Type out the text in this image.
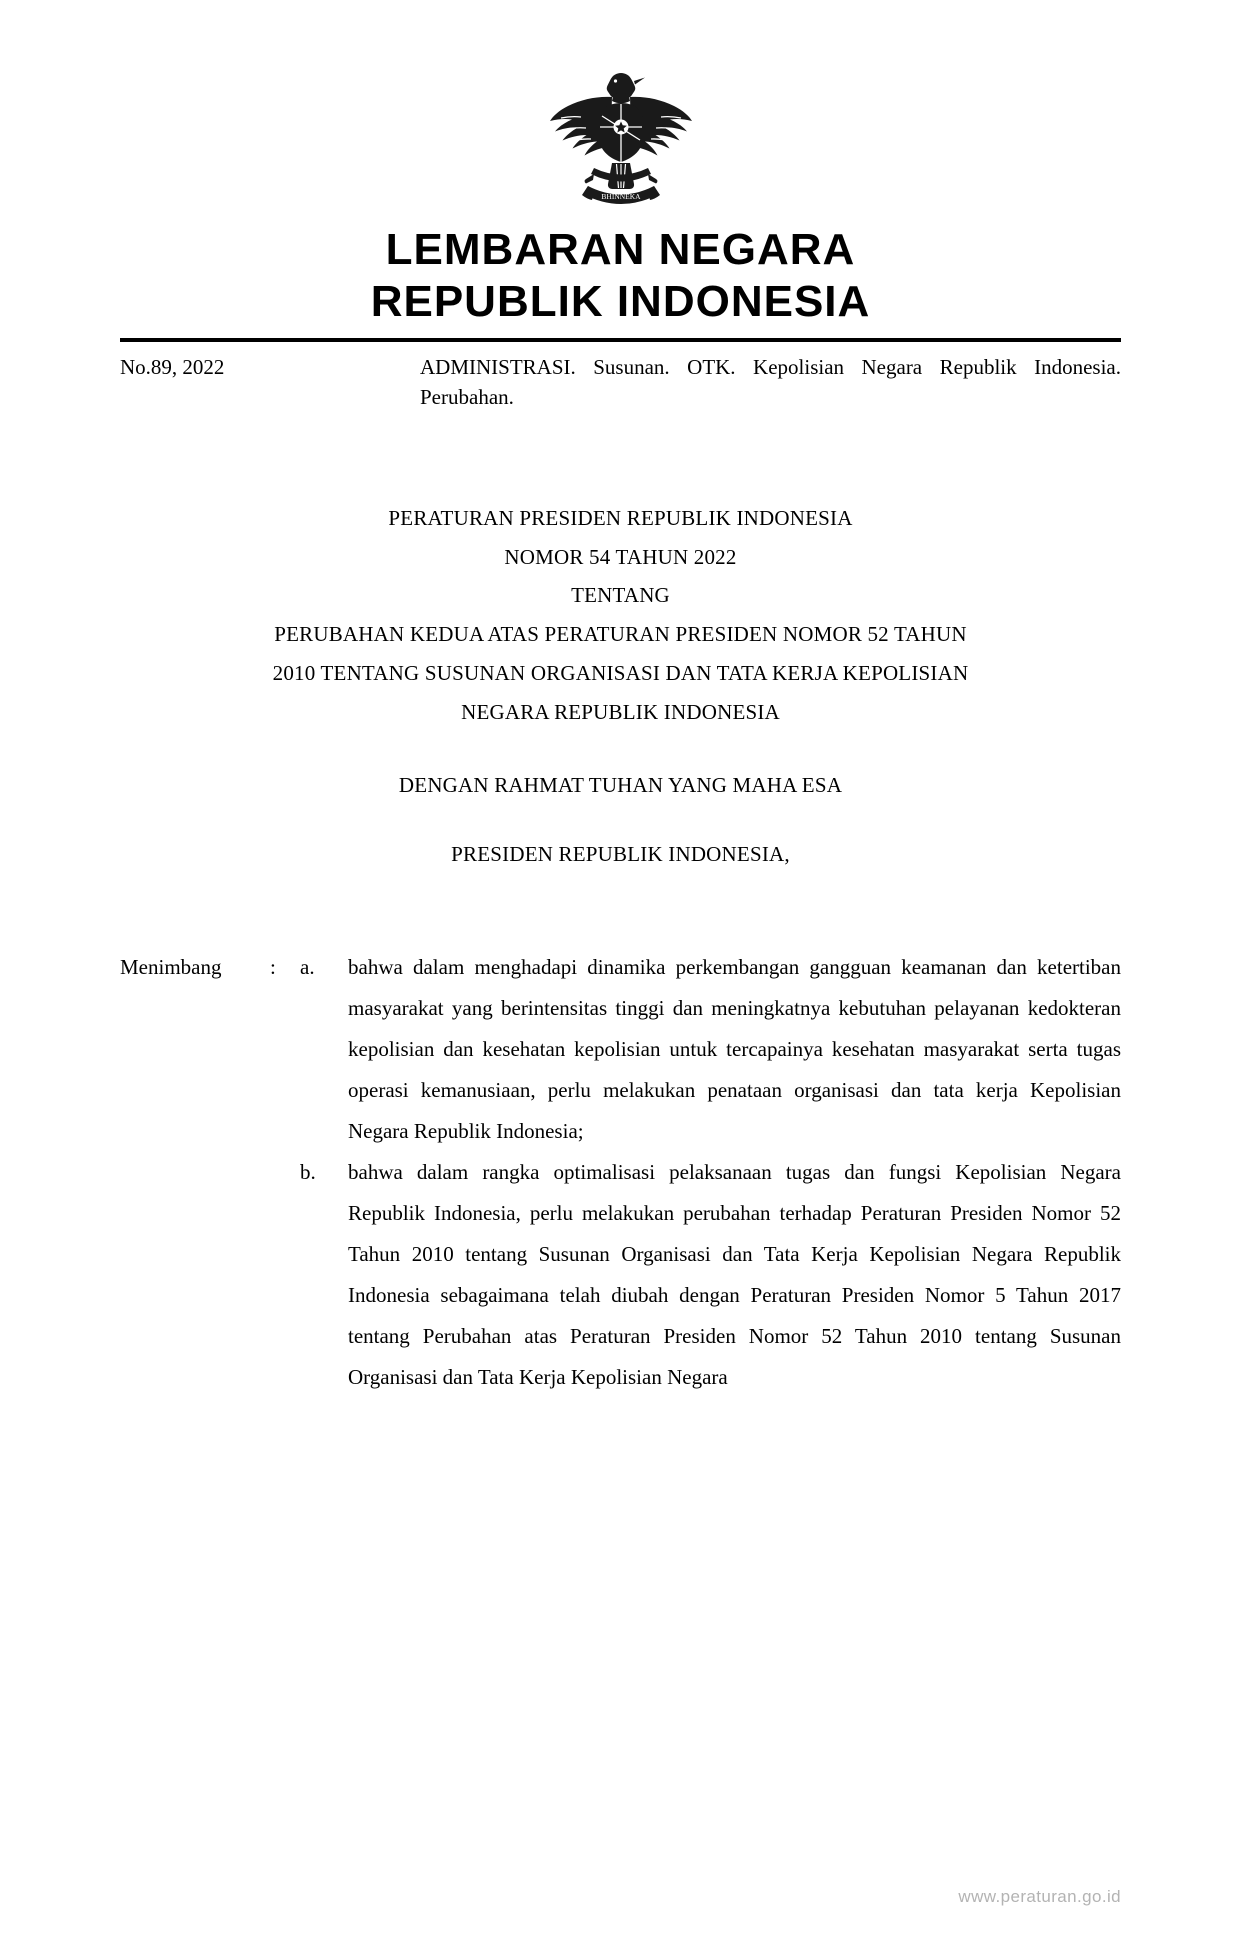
BHINNEKA
LEMBARAN NEGARA
REPUBLIK INDONESIA
No.89, 2022	ADMINISTRASI. Susunan. OTK. Kepolisian Negara Republik Indonesia. Perubahan.
PERATURAN PRESIDEN REPUBLIK INDONESIA
NOMOR 54 TAHUN 2022
TENTANG
PERUBAHAN KEDUA ATAS PERATURAN PRESIDEN NOMOR 52 TAHUN
2010 TENTANG SUSUNAN ORGANISASI DAN TATA KERJA KEPOLISIAN
NEGARA REPUBLIK INDONESIA
DENGAN RAHMAT TUHAN YANG MAHA ESA
PRESIDEN REPUBLIK INDONESIA,
Menimbang	:	a.	bahwa dalam menghadapi dinamika perkembangan gangguan keamanan dan ketertiban masyarakat yang berintensitas tinggi dan meningkatnya kebutuhan pelayanan kedokteran kepolisian dan kesehatan kepolisian untuk tercapainya kesehatan masyarakat serta tugas operasi kemanusiaan, perlu melakukan penataan organisasi dan tata kerja Kepolisian Negara Republik Indonesia;
b.	bahwa dalam rangka optimalisasi pelaksanaan tugas dan fungsi Kepolisian Negara Republik Indonesia, perlu melakukan perubahan terhadap Peraturan Presiden Nomor 52 Tahun 2010 tentang Susunan Organisasi dan Tata Kerja Kepolisian Negara Republik Indonesia sebagaimana telah diubah dengan Peraturan Presiden Nomor 5 Tahun 2017 tentang Perubahan atas Peraturan Presiden Nomor 52 Tahun 2010 tentang Susunan Organisasi dan Tata Kerja Kepolisian Negara
www.peraturan.go.id
